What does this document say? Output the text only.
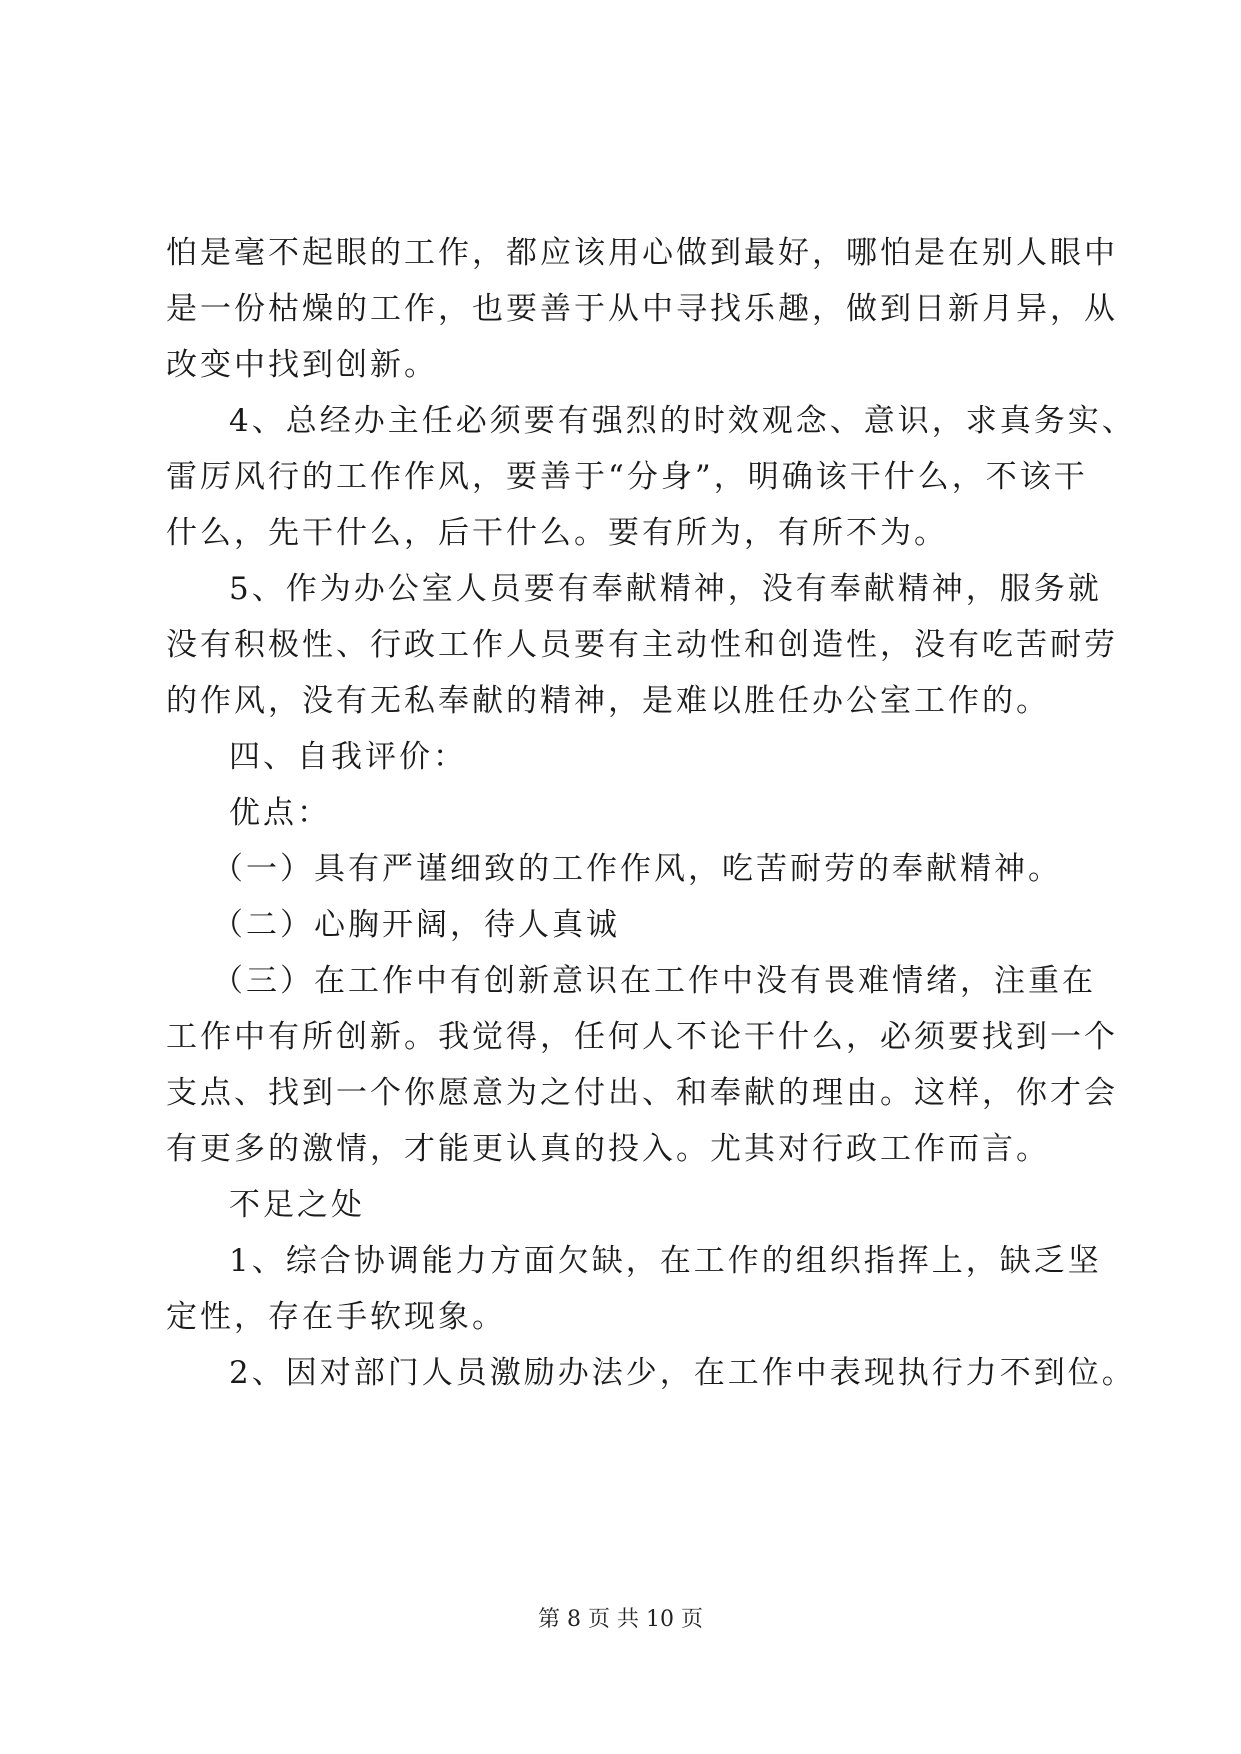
怕是毫不起眼的工作，都应该用心做到最好，哪怕是在别人眼中
是一份枯燥的工作，也要善于从中寻找乐趣，做到日新月异，从
改变中找到创新。
4、总经办主任必须要有强烈的时效观念、意识，求真务实、
雷厉风行的工作作风，要善于“分身”，明确该干什么，不该干
什么，先干什么，后干什么。要有所为，有所不为。
5、作为办公室人员要有奉献精神，没有奉献精神，服务就
没有积极性、行政工作人员要有主动性和创造性，没有吃苦耐劳
的作风，没有无私奉献的精神，是难以胜任办公室工作的。
四、自我评价：
优点：
（一）具有严谨细致的工作作风，吃苦耐劳的奉献精神。
（二）心胸开阔，待人真诚
（三）在工作中有创新意识在工作中没有畏难情绪，注重在
工作中有所创新。我觉得，任何人不论干什么，必须要找到一个
支点、找到一个你愿意为之付出、和奉献的理由。这样，你才会
有更多的激情，才能更认真的投入。尤其对行政工作而言。
不足之处
1、综合协调能力方面欠缺，在工作的组织指挥上，缺乏坚
定性，存在手软现象。
2、因对部门人员激励办法少，在工作中表现执行力不到位。
第 8 页 共 10 页
